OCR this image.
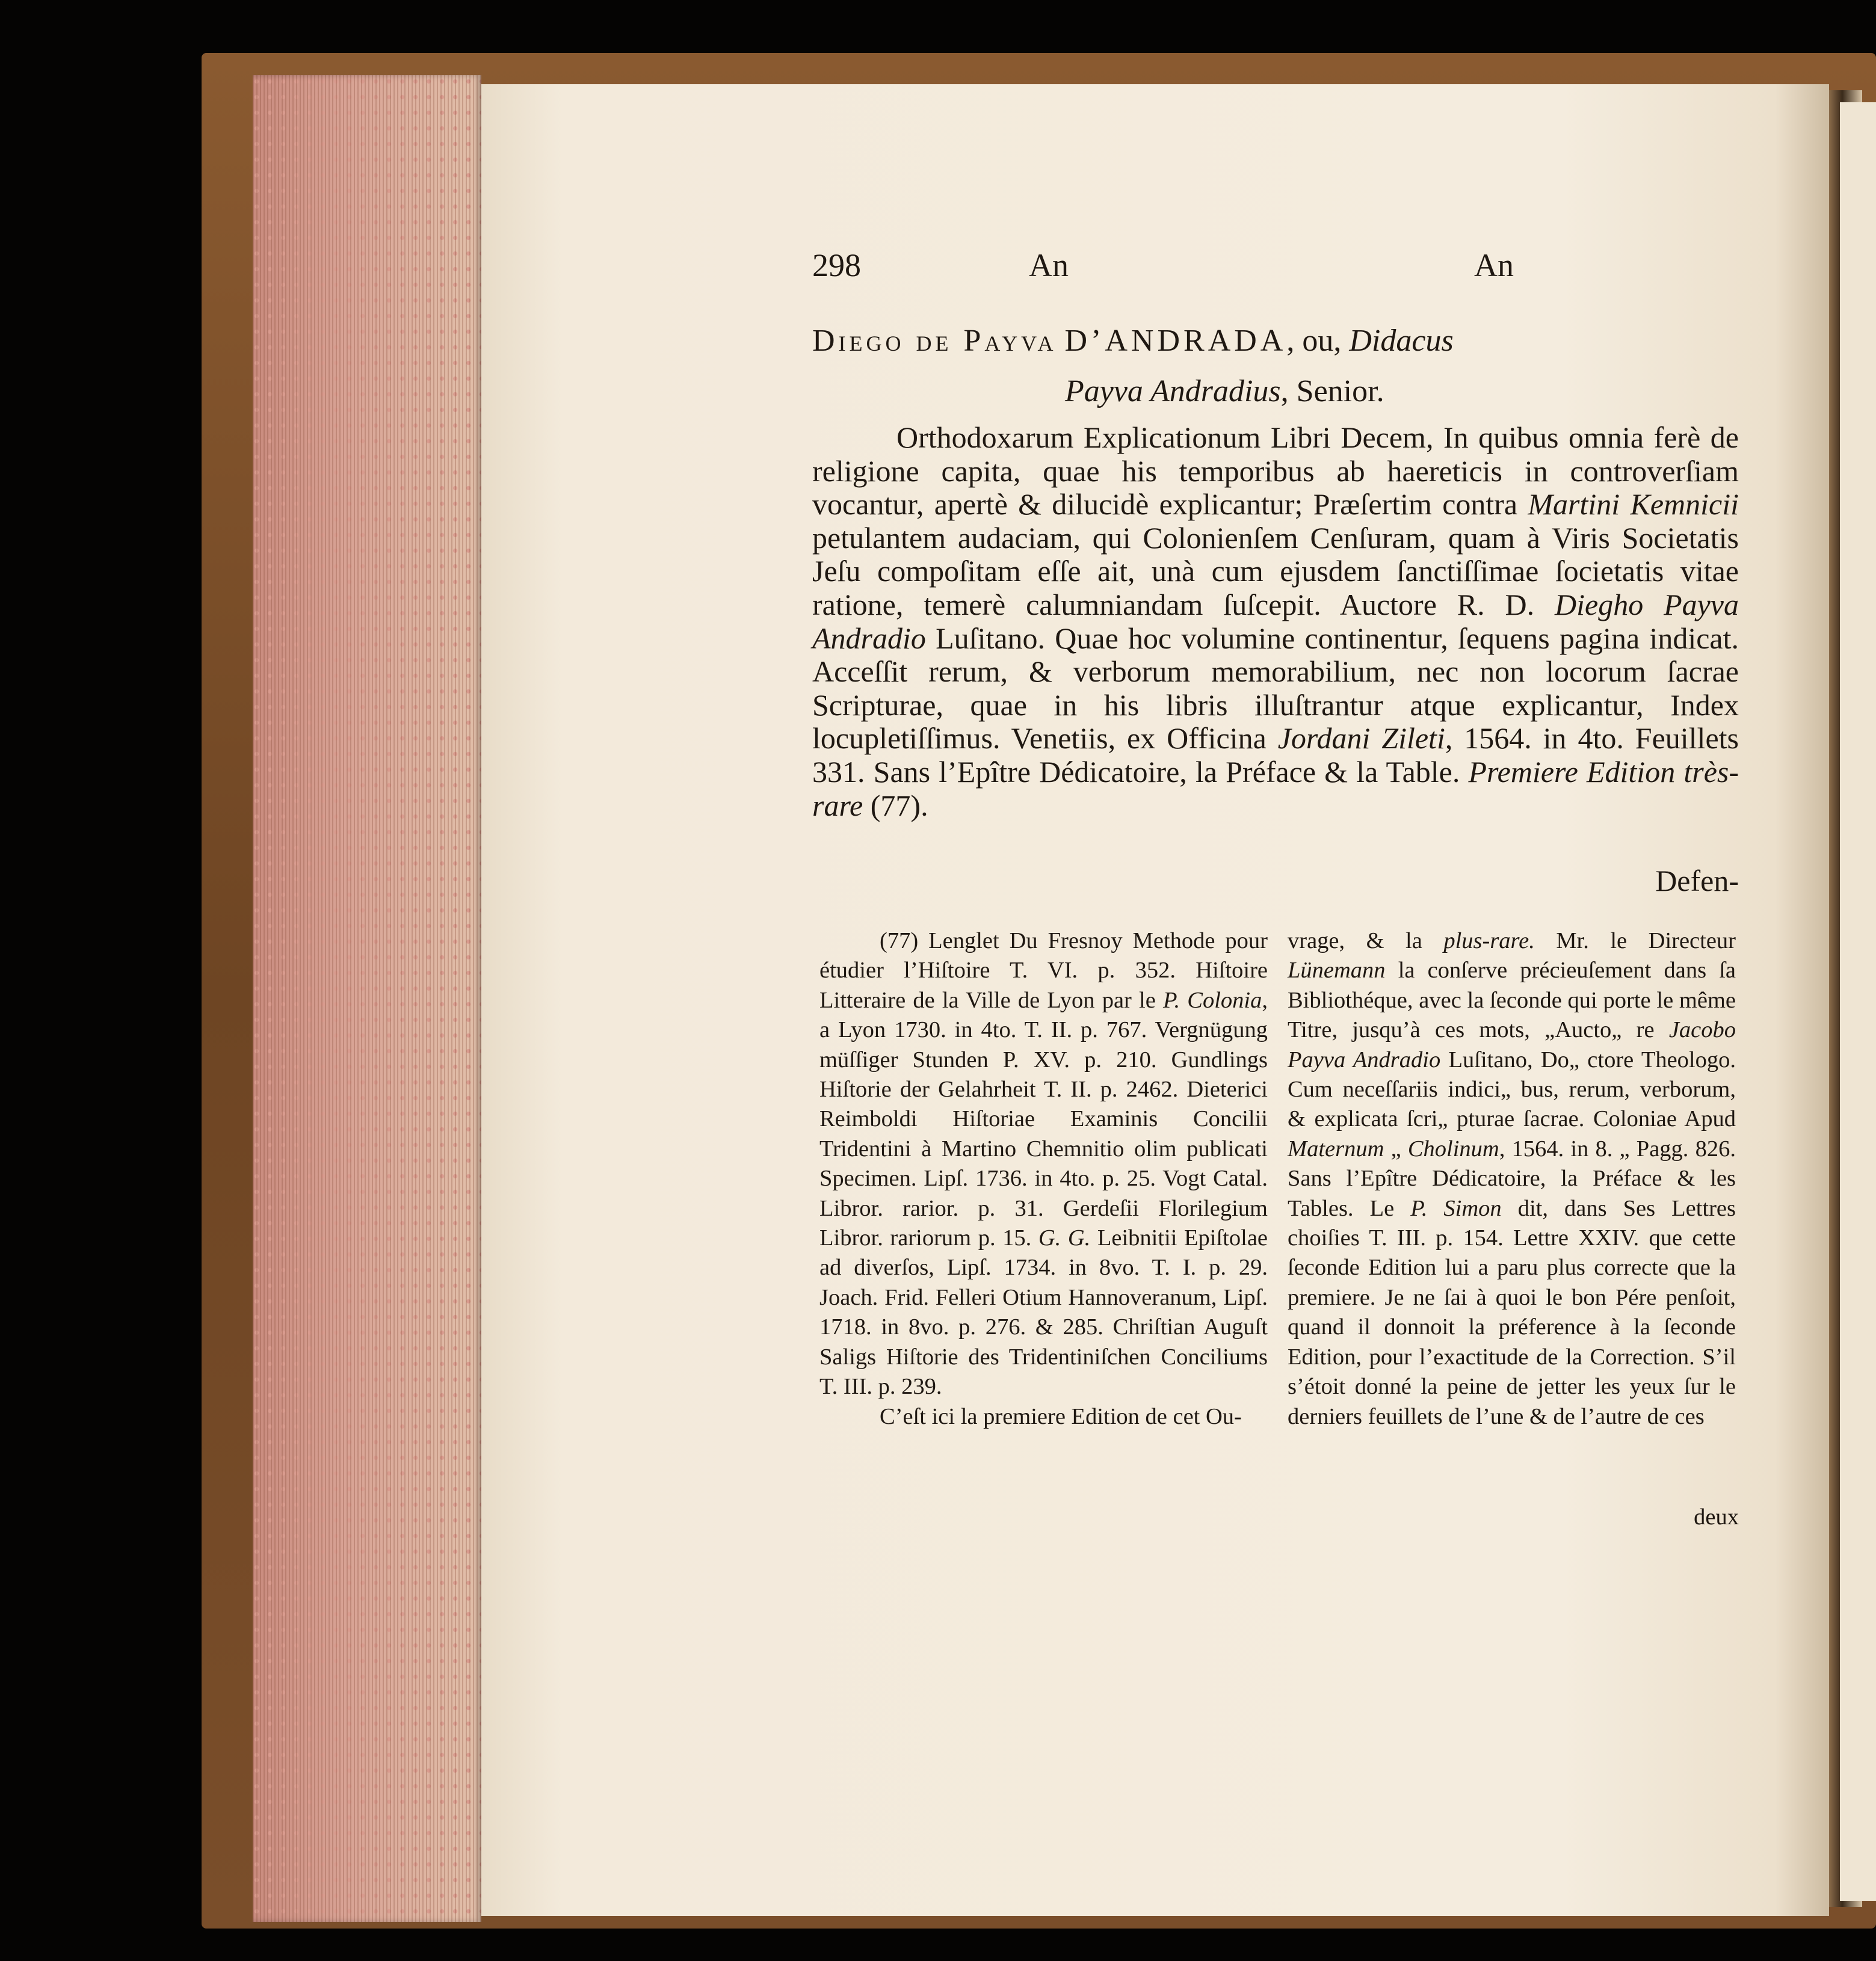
298	An	An
Diego de Payva D’ANDRADA, ou, Didacus
Payva Andradius, Senior.
Orthodoxarum Explicationum Libri Decem, In quibus omnia ferè de religione capita, quae his temporibus ab haereticis in controverſiam vocantur, apertè & dilucidè explicantur; Præſertim contra Martini Kemnicii petulantem audaciam, qui Colonienſem Cenſuram, quam à Viris Societatis Jeſu compoſitam eſſe ait, unà cum ejusdem ſanctiſſimae ſocietatis vitae ratione, temerè calumniandam ſuſcepit. Auctore R. D. Diegho Payva Andradio Luſitano. Quae hoc volumine continentur, ſequens pagina indicat. Acceſſit rerum, & verborum memorabilium, nec non locorum ſacrae Scripturae, quae in his libris illuſtrantur atque explicantur, Index locupletiſſimus. Venetiis, ex Officina Jordani Zileti, 1564. in 4to. Feuillets 331. Sans l’Epître Dédicatoire, la Préface & la Table. Premiere Edition très-rare (77).
Defen-

(77) Lenglet Du Fresnoy Methode pour étudier l’Hiſtoire T. VI. p. 352. Hiſtoire Litteraire de la Ville de Lyon par le P. Colonia, a Lyon 1730. in 4to. T. II. p. 767. Vergnügung müſſiger Stunden P. XV. p. 210. Gundlings Hiſtorie der Gelahrheit T. II. p. 2462. Dieterici Reimboldi Hiſtoriae Examinis Concilii Tridentini à Martino Chemnitio olim publicati Specimen. Lipſ. 1736. in 4to. p. 25. Vogt Catal. Libror. rarior. p. 31. Gerdeſii Florilegium Libror. rariorum p. 15. G. G. Leibnitii Epiſtolae ad diverſos, Lipſ. 1734. in 8vo. T. I. p. 29. Joach. Frid. Felleri Otium Hannoveranum, Lipſ. 1718. in 8vo. p. 276. & 285. Chriſtian Auguſt Saligs Hiſtorie des Tridentiniſchen Conciliums T. III. p. 239.

C’eſt ici la premiere Edition de cet Ou-

vrage, & la plus-rare. Mr. le Directeur Lünemann la conſerve précieuſement dans ſa Bibliothéque, avec la ſeconde qui porte le même Titre, jusqu’à ces mots, „Aucto„ re Jacobo Payva Andradio Luſitano, Do„ ctore Theologo. Cum neceſſariis indici„ bus, rerum, verborum, & explicata ſcri„ pturae ſacrae. Coloniae Apud Maternum „ Cholinum, 1564. in 8. „ Pagg. 826. Sans l’Epître Dédicatoire, la Préface & les Tables. Le P. Simon dit, dans Ses Lettres choiſies T. III. p. 154. Lettre XXIV. que cette ſeconde Edition lui a paru plus correcte que la premiere. Je ne ſai à quoi le bon Pére penſoit, quand il donnoit la préference à la ſeconde Edition, pour l’exactitude de la Correction. S’il s’étoit donné la peine de jetter les yeux ſur le derniers feuillets de l’une & de l’autre de ces

deux
